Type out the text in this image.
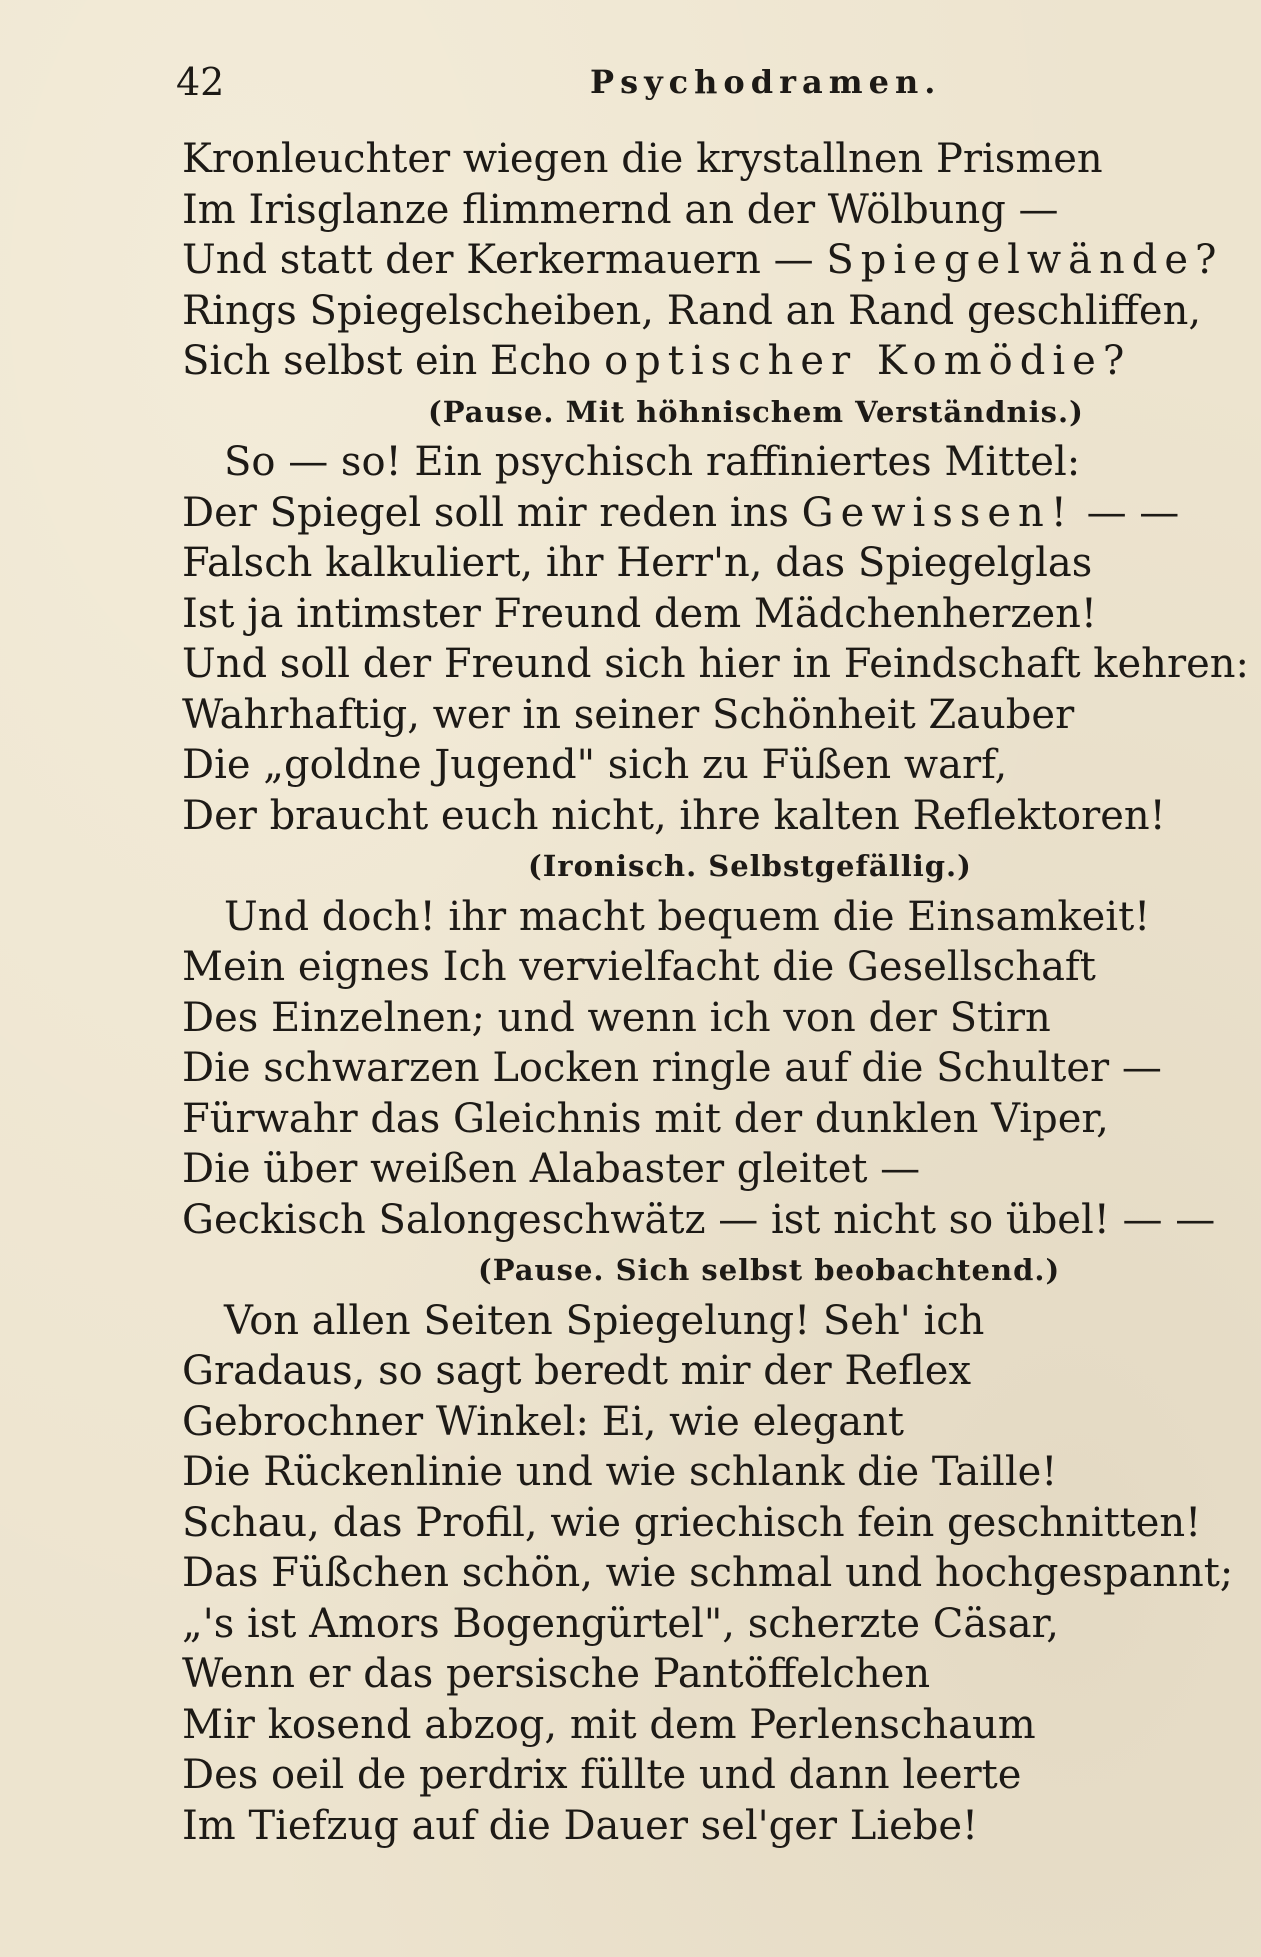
42	Psychodramen.
Kronleuchter wiegen die krystallnen Prismen
Im Irisglanze flimmernd an der Wölbung —
Und statt der Kerkermauern — Spiegelwände?
Rings Spiegelscheiben, Rand an Rand geschliffen,
Sich selbst ein Echo optischer Komödie?
(Pause. Mit höhnischem Verständnis.)
So — so! Ein psychisch raffiniertes Mittel:
Der Spiegel soll mir reden ins Gewissen! — —
Falsch kalkuliert, ihr Herr'n, das Spiegelglas
Ist ja intimster Freund dem Mädchenherzen!
Und soll der Freund sich hier in Feindschaft kehren:
Wahrhaftig, wer in seiner Schönheit Zauber
Die „goldne Jugend" sich zu Füßen warf,
Der braucht euch nicht, ihre kalten Reflektoren!
(Ironisch. Selbstgefällig.)
Und doch! ihr macht bequem die Einsamkeit!
Mein eignes Ich vervielfacht die Gesellschaft
Des Einzelnen; und wenn ich von der Stirn
Die schwarzen Locken ringle auf die Schulter —
Fürwahr das Gleichnis mit der dunklen Viper,
Die über weißen Alabaster gleitet —
Geckisch Salongeschwätz — ist nicht so übel! — —
(Pause. Sich selbst beobachtend.)
Von allen Seiten Spiegelung! Seh' ich
Gradaus, so sagt beredt mir der Reflex
Gebrochner Winkel: Ei, wie elegant
Die Rückenlinie und wie schlank die Taille!
Schau, das Profil, wie griechisch fein geschnitten!
Das Füßchen schön, wie schmal und hochgespannt;
„'s ist Amors Bogengürtel", scherzte Cäsar,
Wenn er das persische Pantöffelchen
Mir kosend abzog, mit dem Perlenschaum
Des oeil de perdrix füllte und dann leerte
Im Tiefzug auf die Dauer sel'ger Liebe!
